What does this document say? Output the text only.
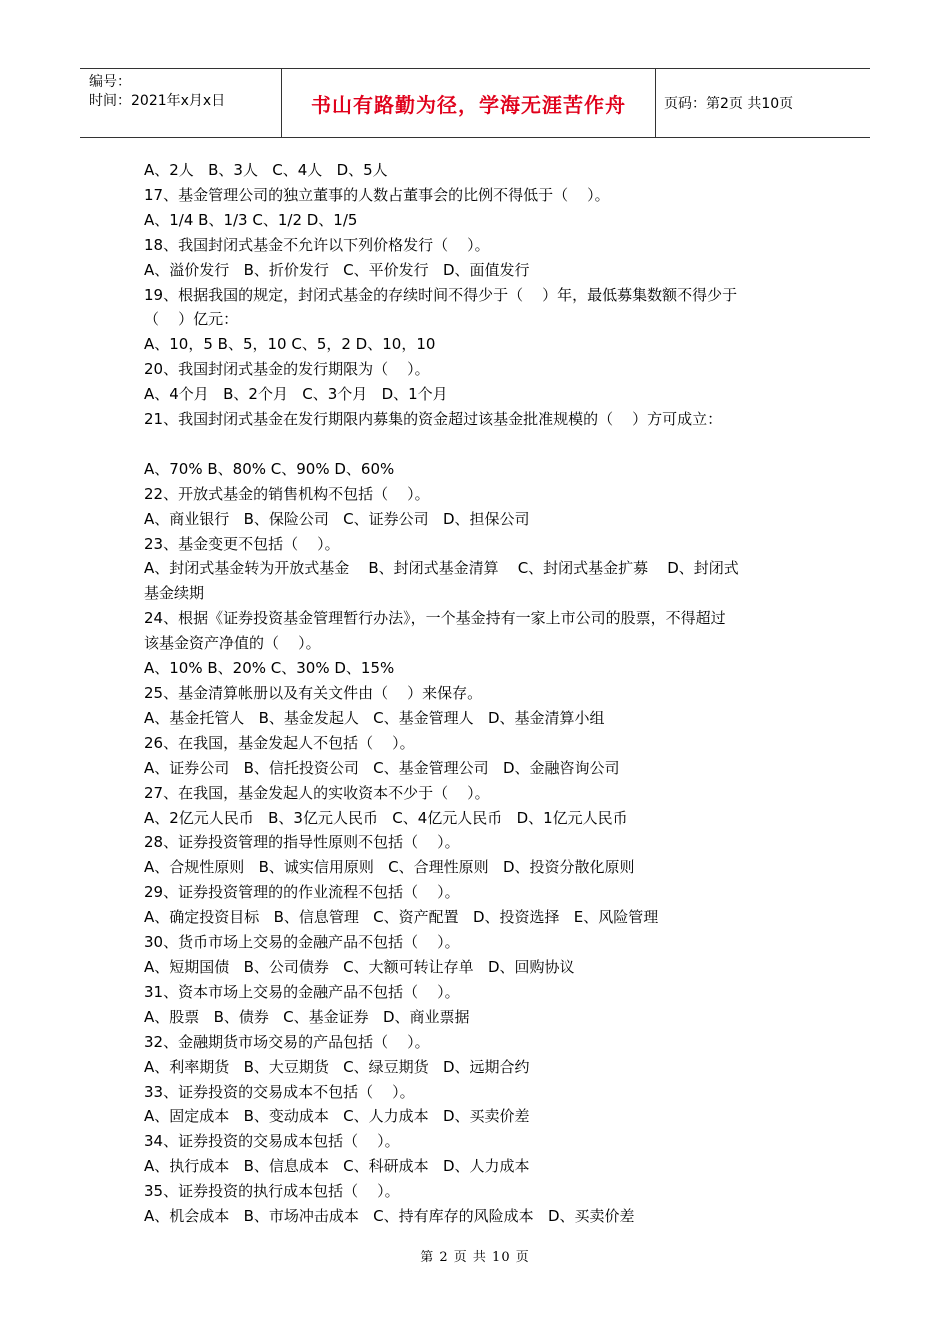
编号：
时间：2021年x月x日	书山有路勤为径，学海无涯苦作舟	页码：第2页 共10页
A、2人   B、3人   C、4人   D、5人
17、基金管理公司的独立董事的人数占董事会的比例不得低于（    ）。
A、1/4 B、1/3 C、1/2 D、1/5
18、我国封闭式基金不允许以下列价格发行（    ）。
A、溢价发行   B、折价发行   C、平价发行   D、面值发行
19、根据我国的规定，封闭式基金的存续时间不得少于（    ）年，最低募集数额不得少于
（    ）亿元：
A、10，5 B、5，10 C、5，2 D、10，10
20、我国封闭式基金的发行期限为（    ）。
A、4个月   B、2个月   C、3个月   D、1个月
21、我国封闭式基金在发行期限内募集的资金超过该基金批准规模的（    ）方可成立：
A、70% B、80% C、90% D、60%
22、开放式基金的销售机构不包括（    ）。
A、商业银行   B、保险公司   C、证券公司   D、担保公司
23、基金变更不包括（    ）。
A、封闭式基金转为开放式基金    B、封闭式基金清算    C、封闭式基金扩募    D、封闭式
基金续期
24、根据《证券投资基金管理暂行办法》，一个基金持有一家上市公司的股票，不得超过
该基金资产净值的（    ）。
A、10% B、20% C、30% D、15%
25、基金清算帐册以及有关文件由（    ）来保存。
A、基金托管人   B、基金发起人   C、基金管理人   D、基金清算小组
26、在我国，基金发起人不包括（    ）。
A、证券公司   B、信托投资公司   C、基金管理公司   D、金融咨询公司
27、在我国，基金发起人的实收资本不少于（    ）。
A、2亿元人民币   B、3亿元人民币   C、4亿元人民币   D、1亿元人民币
28、证券投资管理的指导性原则不包括（    ）。
A、合规性原则   B、诚实信用原则   C、合理性原则   D、投资分散化原则
29、证券投资管理的的作业流程不包括（    ）。
A、确定投资目标   B、信息管理   C、资产配置   D、投资选择   E、风险管理
30、货币市场上交易的金融产品不包括（    ）。
A、短期国债   B、公司债券   C、大额可转让存单   D、回购协议
31、资本市场上交易的金融产品不包括（    ）。
A、股票   B、债券   C、基金证券   D、商业票据
32、金融期货市场交易的产品包括（    ）。
A、利率期货   B、大豆期货   C、绿豆期货   D、远期合约
33、证券投资的交易成本不包括（    ）。
A、固定成本   B、变动成本   C、人力成本   D、买卖价差
34、证券投资的交易成本包括（    ）。
A、执行成本   B、信息成本   C、科研成本   D、人力成本
35、证券投资的执行成本包括（    ）。
A、机会成本   B、市场冲击成本   C、持有库存的风险成本   D、买卖价差
第 2 页 共 10 页
